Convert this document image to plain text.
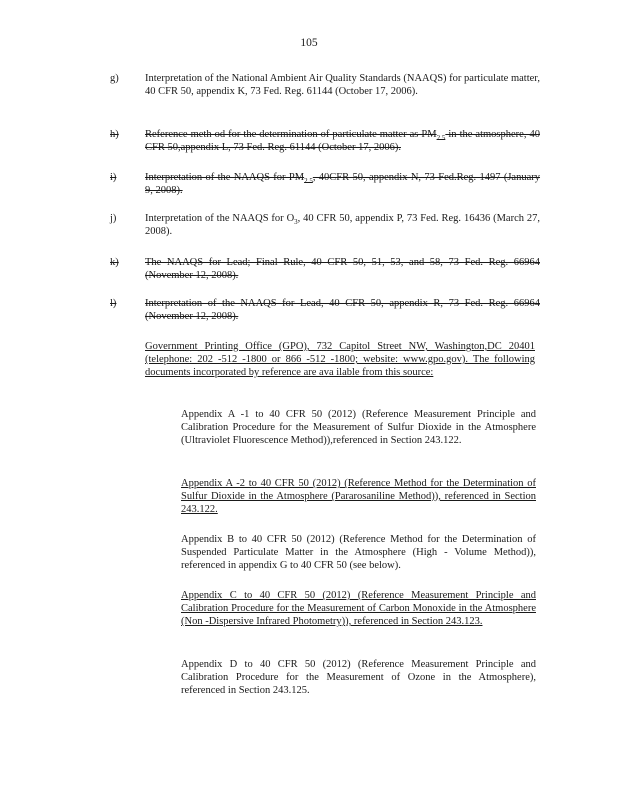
105
g)	Interpretation of the National Ambient Air Quality Standards (NAAQS) for particulate matter, 40 CFR 50, appendix K, 73 Fed. Reg. 61144 (October 17, 2006).
h)	Reference meth od for the determination of particulate matter as $PM_{2.5}$ in the atmosphere, 40 CFR 50,appendix L, 73 Fed. Reg. 61144 (October 17, 2006).
i)	Interpretation of the NAAQS for $PM_{2.5}$, 40CFR 50, appendix N, 73 Fed.Reg. 1497 (January 9, 2008).
j)	Interpretation of the NAAQS for $O_3$, 40 CFR 50, appendix P, 73 Fed. Reg. 16436 (March 27, 2008).
k)	The NAAQS for Lead; Final Rule, 40 CFR 50, 51, 53, and 58, 73 Fed. Reg. 66964 (November 12, 2008).
l)	Interpretation of the NAAQS for Lead, 40 CFR 50, appendix R, 73 Fed. Reg. 66964 (November 12, 2008).
Government Printing Office (GPO), 732 Capitol Street NW, Washington,DC 20401 (telephone: 202 -512 -1800 or 866 -512 -1800; website: www.gpo.gov). The following documents incorporated by reference are ava ilable from this source:
Appendix A -1 to 40 CFR 50 (2012) (Reference Measurement Principle and Calibration Procedure for the Measurement of Sulfur Dioxide in the Atmosphere (Ultraviolet Fluorescence Method)),referenced in Section 243.122.
Appendix A -2 to 40 CFR 50 (2012) (Reference Method for the Determination of Sulfur Dioxide in the Atmosphere (Pararosaniline Method)), referenced in Section 243.122.
Appendix B to 40 CFR 50 (2012) (Reference Method for the Determination of Suspended Particulate Matter in the Atmosphere (High - Volume Method)), referenced in appendix G to 40 CFR 50 (see below).
Appendix C to 40 CFR 50 (2012) (Reference Measurement Principle and Calibration Procedure for the Measurement of Carbon Monoxide in the Atmosphere (Non -Dispersive Infrared Photometry)), referenced in Section 243.123.
Appendix D to 40 CFR 50 (2012) (Reference Measurement Principle and Calibration Procedure for the Measurement of Ozone in the Atmosphere), referenced in Section 243.125.
